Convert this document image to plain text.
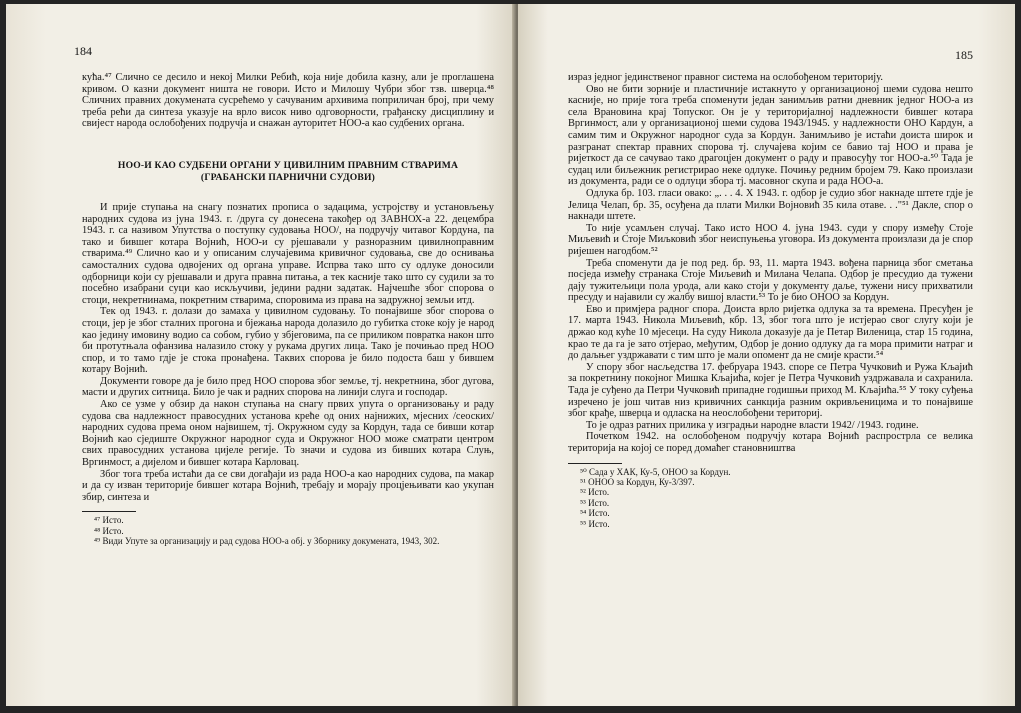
184

кућа.⁴⁷ Слично се десило и некој Милки Ребић, која није добила казну, али је проглашена кривом. О казни документ ништа не говори. Исто и Милошу Чубри због тзв. шверца.⁴⁸ Сличних правних докумената сусрећемо у сачуваним архивима поприличан број, при чему треба рећи да синтеза указује на врло висок ниво одговорности, грађанску дисциплину и свијест народа ослобођених подручја и снажан ауторитет НОО-а као судбених органа.

НОО-И КАО СУДБЕНИ ОРГАНИ У ЦИВИЛНИМ ПРАВНИМ СТВАРИМА
(ГРАБАНСКИ ПАРНИЧНИ СУДОВИ)

И прије ступања на снагу познатих прописа о задацима, устројству и установљењу народних судова из јуна 1943. г. /друга су донесена такођер од ЗАВНОХ-а 22. децембра 1943. г. са називом Упутства о поступку судовања НОО/, на подручју читавог Кордуна, па тако и бившег котара Војнић, НОО-и су рјешавали у разноразним цивилноправним стварима.⁴⁹ Слично као и у описаним случајевима кривичног судовања, све до оснивања самосталних судова одвојених од органа управе. Испрва тако што су одлуке доносили одборници који су рјешавали и друга правна питања, а тек касније тако што су судили за то посебно изабрани суци као искључиви, једини радни задатак. Најчешће због спорова о стоци, некретнинама, покретним стварима, споровима из права на задружној земљи итд.

Тек од 1943. г. долази до замаха у цивилном судовању. То понајвише због спорова о стоци, јер је због сталних прогона и бјежања народа долазило до губитка стоке коју је народ као једину имовину водио са собом, губио у збјеговима, па се приликом повратка након што би протутњала офанзива налазило стоку у рукама других лица. Тако је почињао пред НОО спор, и то тамо гдје је стока пронађена. Таквих спорова је било подоста баш у бившем котару Војнић.

Документи говоре да је било пред НОО спорова због земље, тј. некретнина, због дугова, масти и других ситница. Било је чак и радних спорова на линији слуга и господар.

Ако се узме у обзир да након ступања на снагу првих упута о организовању и раду судова сва надлежност правосудних установа креће од оних најнижих, мјесних /сеоских/ народних судова према оном највишем, тј. Окружном суду за Кордун, тада се бивши котар Војнић као сједиште Окружног народног суда и Окружног НОО може сматрати центром свих правосудних установа цијеле регије. То значи и судова из бивших котара Слуњ, Вргинмост, а дијелом и бившег котара Карловац.

Због тога треба истаћи да се сви догађаји из рада НОО-а као народних судова, па макар и да су изван територије бившег котара Војнић, требају и морају процјењивати као укупан збир, синтеза и

⁴⁷ Исто.

⁴⁸ Исто.

⁴⁹ Види Упуте за организацију и рад судова НОО-а обј. у Зборнику докумената, 1943, 302.

185

израз једног јединственог правног система на ослобођеном територију.

Ово не бити зорније и пластичније истакнуто у организационој шеми судова нешто касније, но прије тога треба споменути један занимљив ратни дневник једног НОО-а из села Врановина крај Топуског. Он је у територијалној надлежности бившег котара Вргинмост, али у организационој шеми судова 1943/1945. у надлежности ОНО Кардун, а самим тим и Окружног народног суда за Кордун. Занимљиво је истаћи доиста широк и разгранат спектар правних спорова тј. случајева којим се бавио тај НОО и права је ријеткост да се сачувао тако драгоцјен документ о раду и правосуђу тог НОО-а.⁵⁰ Тада је судац или биљежник регистрирао неке одлуке. Почињу редним бројем 79. Како произлази из документа, ради се о одлуци збора тј. масовног скупа и рада НОО-а.

Одлука бр. 103. гласи овако: „. . . 4. Х 1943. г. одбор је судио због накнаде штете гдје је Јелица Челап, бр. 35, осуђена да плати Милки Војновић 35 кила отаве. . ."⁵¹ Дакле, спор о накнади штете.

То није усамљен случај. Тако исто НОО 4. јуна 1943. суди у спору између Стоје Миљевић и Стоје Миљковић због неиспуњења уговора. Из документа произлази да је спор ријешен нагодбом.⁵²

Треба споменути да је под ред. бр. 93, 11. марта 1943. вођена парница због сметања посједа између странака Стоје Миљевић и Милана Челапа. Одбор је пресудио да тужени дају тужитељици пола урода, али како стоји у документу даље, тужени нису прихватили пресуду и најавили су жалбу вишој власти.⁵³ То је био ОНОО за Кордун.

Ево и примјера радног спора. Доиста врло ријетка одлука за та времена. Пресуђен је 17. марта 1943. Никола Миљевић, кбр. 13, због тога што је истјерао свог слугу који је држао код куће 10 мјесеци. На суду Никола доказује да је Петар Виленица, стар 15 година, крао те да га је зато отјерао, међутим, Одбор је донио одлуку да га мора примити натраг и до даљњег уздржавати с тим што је мали опомент да не смије красти.⁵⁴

У спору због насљедства 17. фебруара 1943. споре се Петра Чучковић и Ружа Кљајић за покретнину покојног Мишка Кљајића, којег је Петра Чучковић уздржавала и сахранила. Тада је суђено да Петри Чучковић припадне годишњи приход М. Кљајића.⁵⁵ У току суђења изречено је још читав низ кривичних санкција разним окривљеницима и то понајвише због крађе, шверца и одласка на неослобођени териториј.

То је одраз ратних прилика у изградњи народне власти 1942/ /1943. године.

Почетком 1942. на ослобођеном подручју котара Војнић распрострла се велика територија на којој се поред домаћег становништва

⁵⁰ Сада у ХАК, Ку-5, ОНОО за Кордун.

⁵¹ ОНОО за Кордун, Ку-3/397.

⁵² Исто.

⁵³ Исто.

⁵⁴ Исто.

⁵⁵ Исто.
